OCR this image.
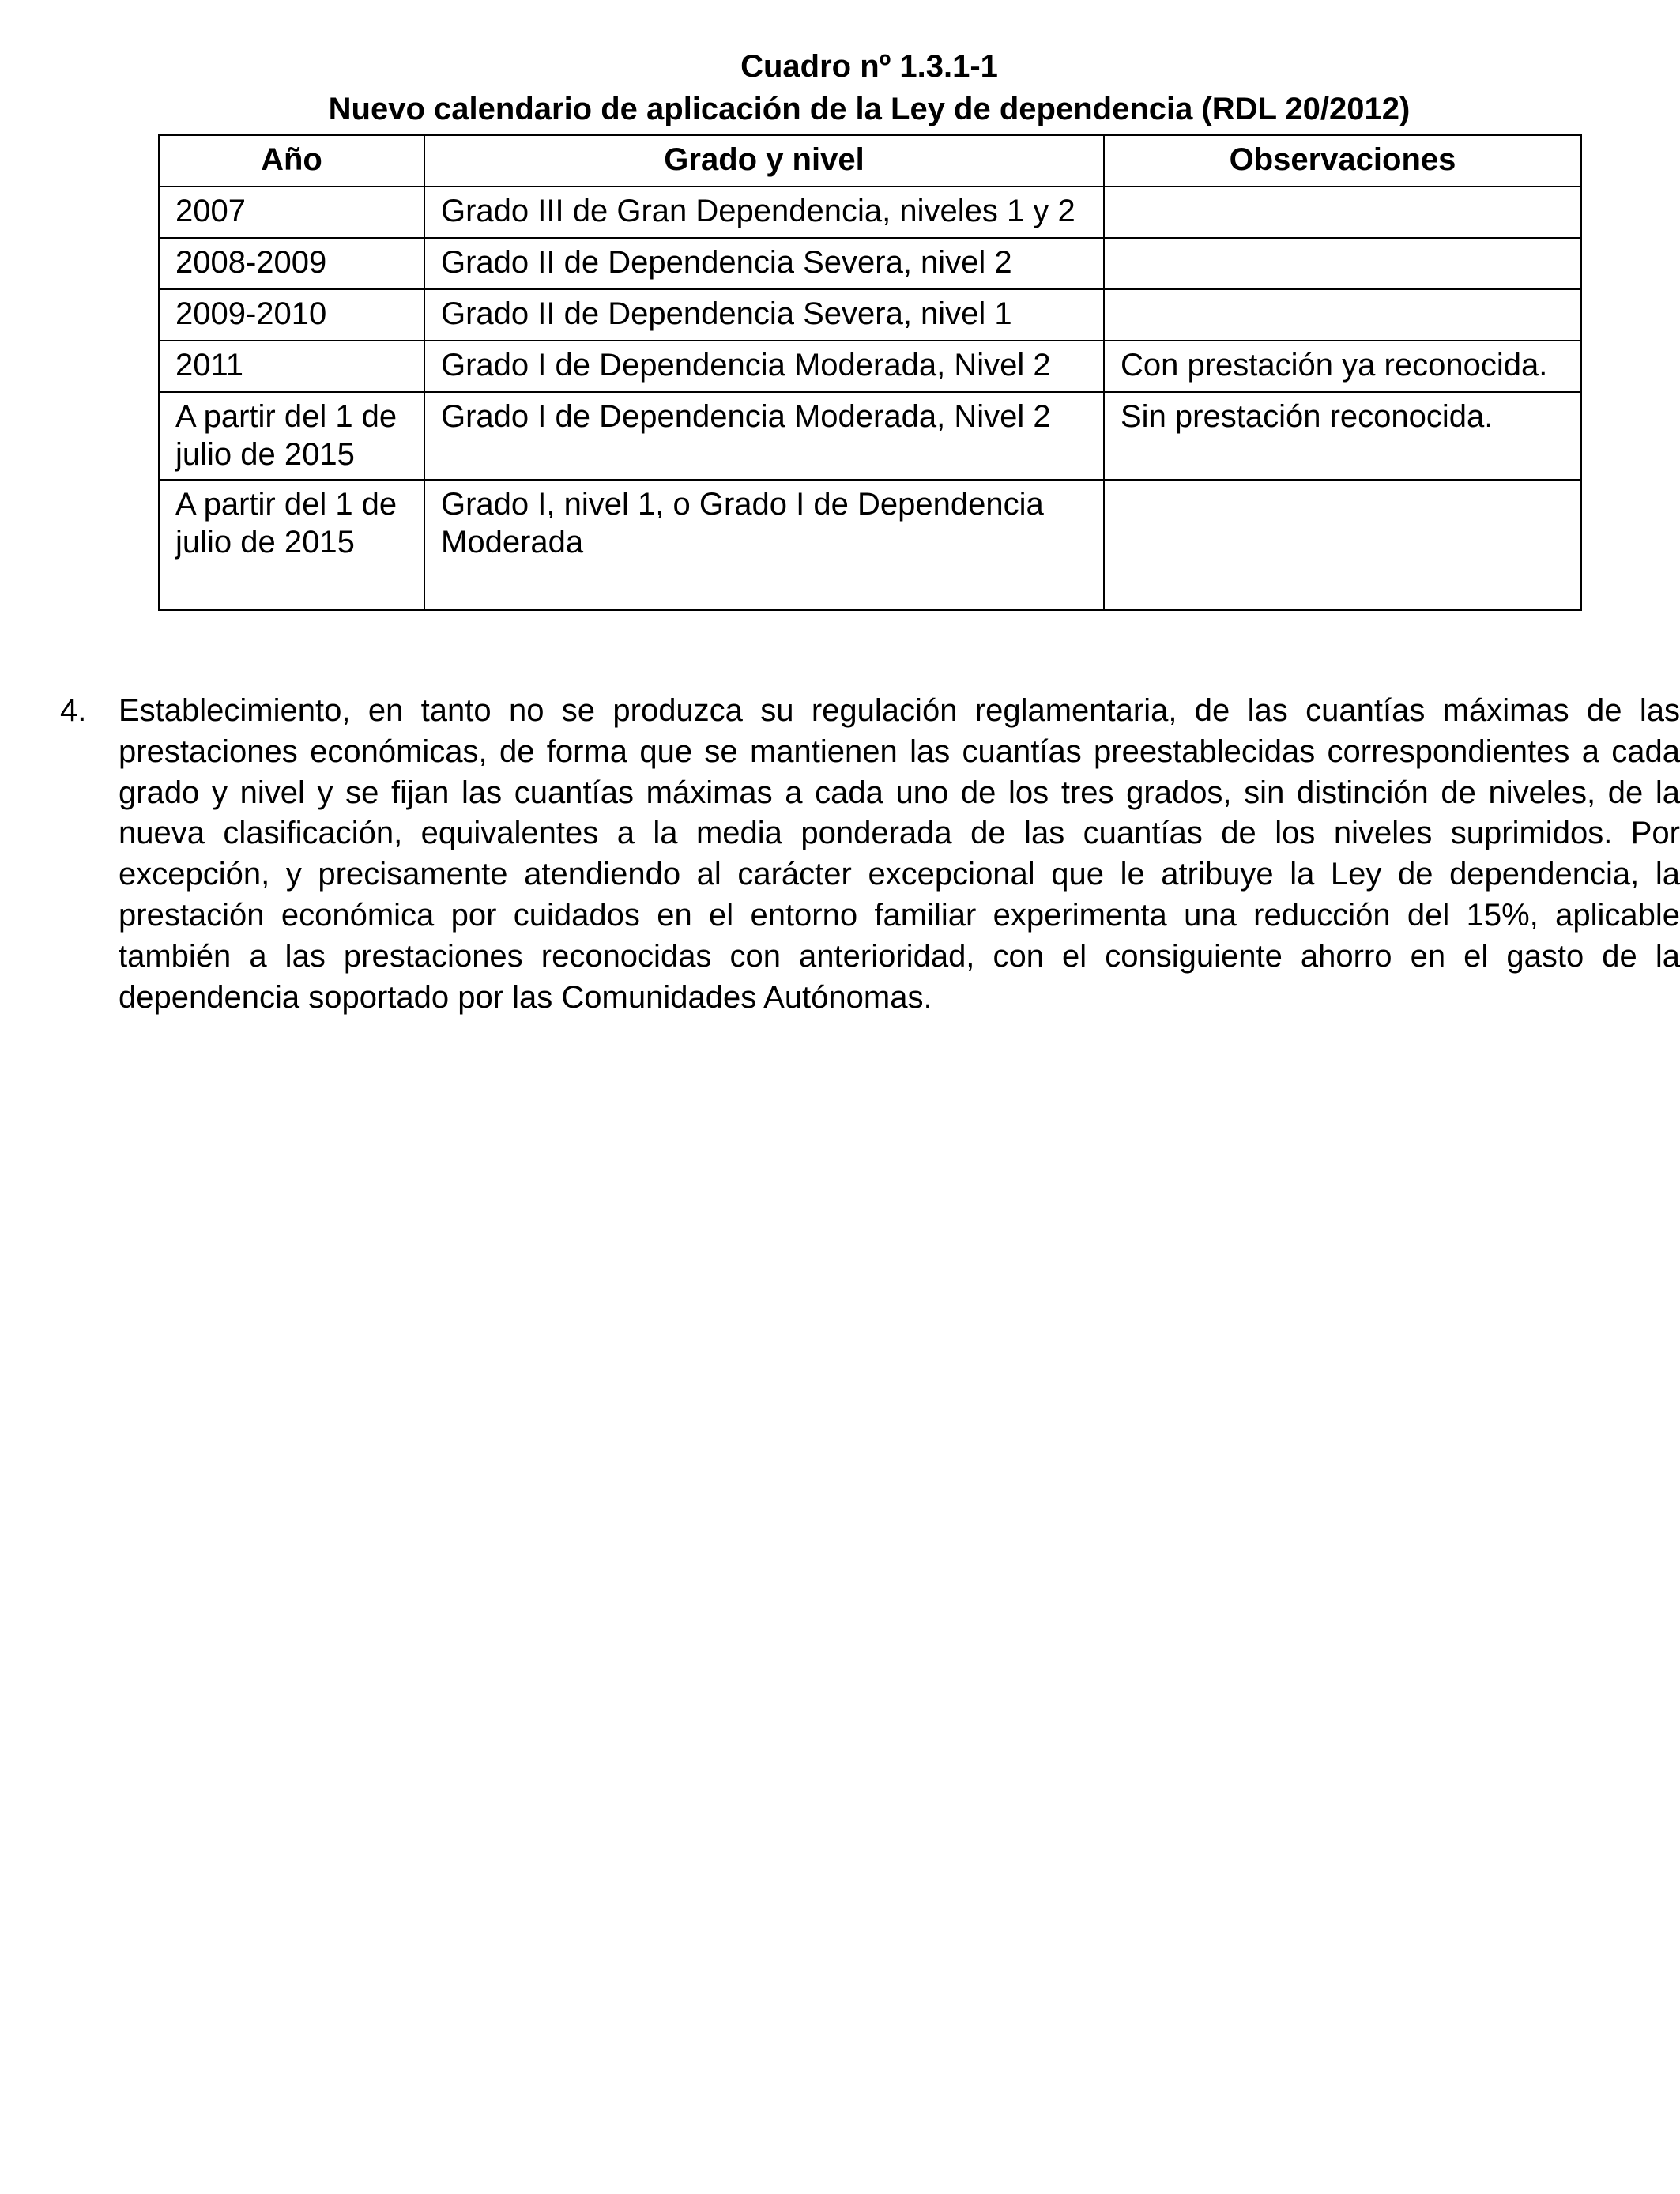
Cuadro nº 1.3.1-1
Nuevo calendario de aplicación de la Ley de dependencia (RDL 20/2012)
Año	Grado y nivel	Observaciones
2007	Grado III de Gran Dependencia, niveles 1 y 2	
2008-2009	Grado II de Dependencia Severa, nivel 2	
2009-2010	Grado II de Dependencia Severa, nivel 1	
2011	Grado I de Dependencia Moderada, Nivel 2	Con prestación ya reconocida.
A partir del 1 de julio de 2015	Grado I de Dependencia Moderada, Nivel 2	Sin prestación reconocida.
A partir del 1 de julio de 2015	Grado I, nivel 1, o Grado I de Dependencia Moderada	
4.	Establecimiento, en tanto no se produzca su regulación reglamentaria, de las cuantías máximas de las prestaciones económicas, de forma que se mantienen las cuantías preestablecidas correspondientes a cada grado y nivel y se fijan las cuantías máximas a cada uno de los tres grados, sin distinción de niveles, de la nueva clasificación, equivalentes a la media ponderada de las cuantías de los niveles suprimidos. Por excepción, y precisamente atendiendo al carácter excepcional que le atribuye la Ley de dependencia, la prestación económica por cuidados en el entorno familiar experimenta una reducción del 15%, aplicable también a las prestaciones reconocidas con anterioridad, con el consiguiente ahorro en el gasto de la dependencia soportado por las Comunidades Autónomas.
